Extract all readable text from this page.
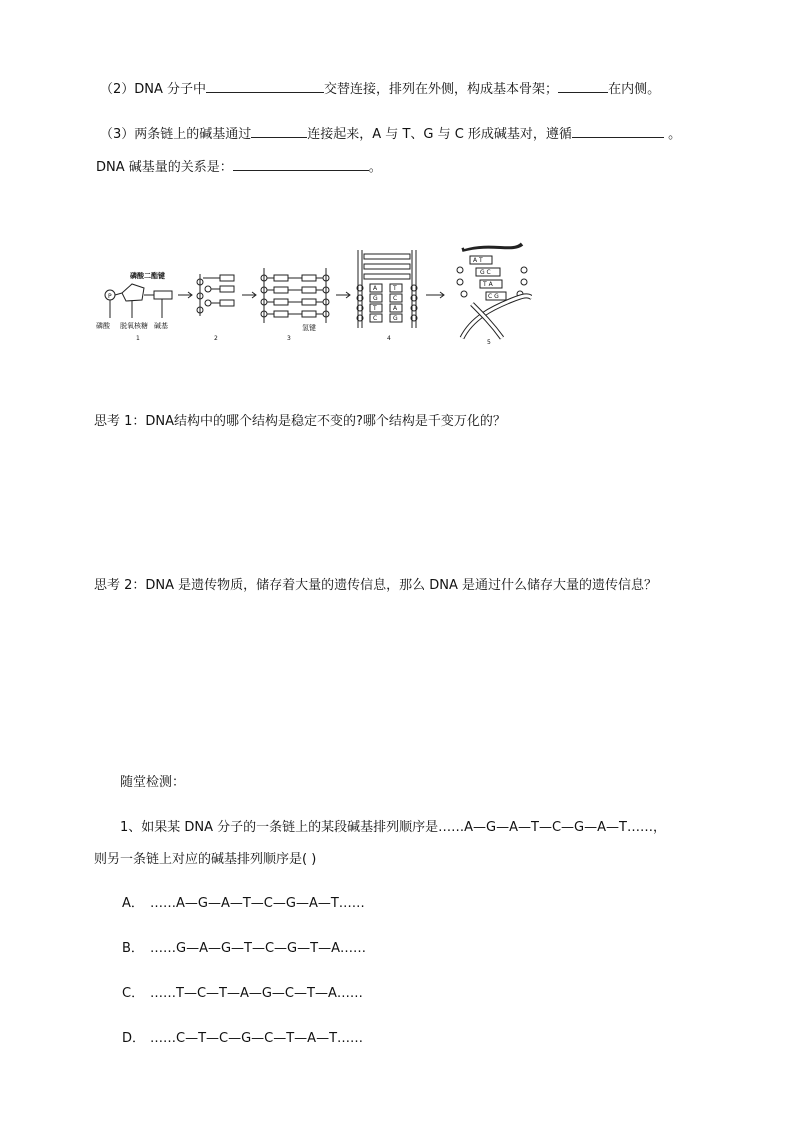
（2）DNA 分子中	交替连接，排列在外侧，构成基本骨架；	在内侧。
（3）两条链上的碱基通过	连接起来，A 与 T、G 与 C 形成碱基对，遵循	。
DNA 碱基量的关系是：	。
P
磷酸二酯键
磷酸 脱氧核糖 碱基	氢键
1	2	3	4
5
A	T
G	C
T	A
C	G
A T
G C
T A
C G
思考 1：DNA结构中的哪个结构是稳定不变的?哪个结构是千变万化的？
思考 2：DNA 是遗传物质，储存着大量的遗传信息，那么 DNA 是通过什么储存大量的遗传信息？
随堂检测：
1、如果某 DNA 分子的一条链上的某段碱基排列顺序是……A—G—A—T—C—G—A—T……，
则另一条链上对应的碱基排列顺序是( )
A． ……A—G—A—T—C—G—A—T……
B． ……G—A—G—T—C—G—T—A……
C． ……T—C—T—A—G—C—T—A……
D． ……C—T—C—G—C—T—A—T……
